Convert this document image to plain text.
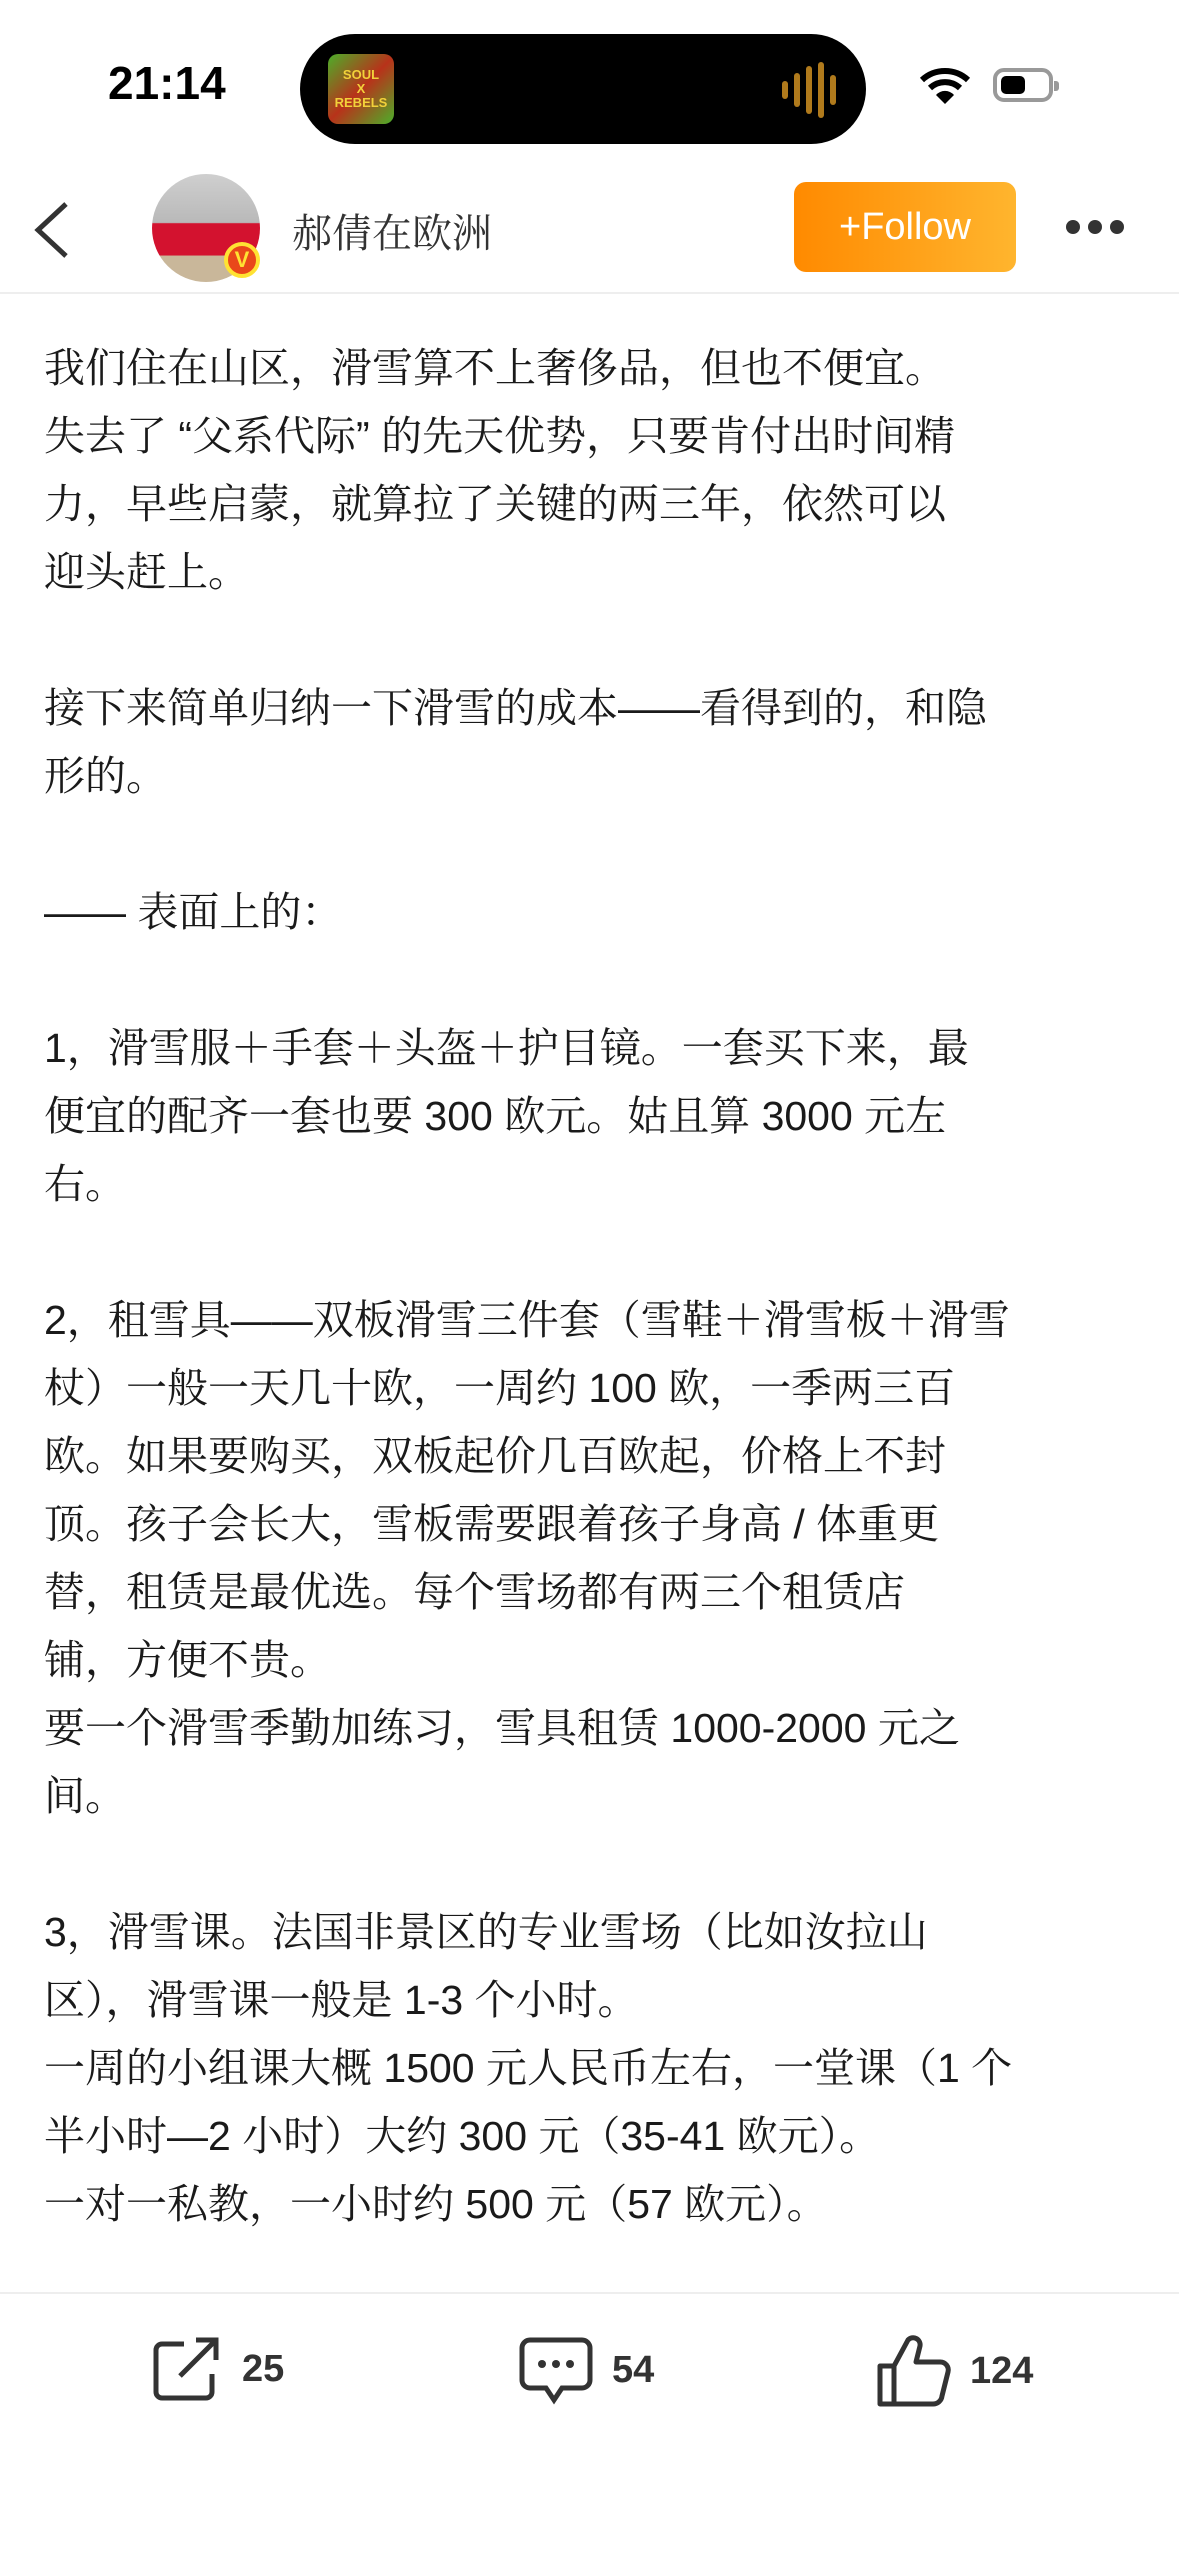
21:14	SOUL
X
REBELS
V
郝倩在欧洲	+Follow
我们住在山区，滑雪算不上奢侈品，但也不便宜。
失去了 “父系代际” 的先天优势，只要肯付出时间精
力，早些启蒙，就算拉了关键的两三年，依然可以
迎头赶上。
接下来简单归纳一下滑雪的成本——看得到的，和隐
形的。
—— 表面上的：
1，滑雪服＋手套＋头盔＋护目镜。一套买下来，最
便宜的配齐一套也要 300 欧元。姑且算 3000 元左
右。
2，租雪具——双板滑雪三件套（雪鞋＋滑雪板＋滑雪
杖）一般一天几十欧，一周约 100 欧，一季两三百
欧。如果要购买，双板起价几百欧起，价格上不封
顶。孩子会长大，雪板需要跟着孩子身高 / 体重更
替，租赁是最优选。每个雪场都有两三个租赁店
铺，方便不贵。
要一个滑雪季勤加练习，雪具租赁 1000-2000 元之
间。
3，滑雪课。法国非景区的专业雪场（比如汝拉山
区），滑雪课一般是 1-3 个小时。
一周的小组课大概 1500 元人民币左右，一堂课（1 个
半小时—2 小时）大约 300 元（35-41 欧元）。
一对一私教，一小时约 500 元（57 欧元）。
25	54	124
